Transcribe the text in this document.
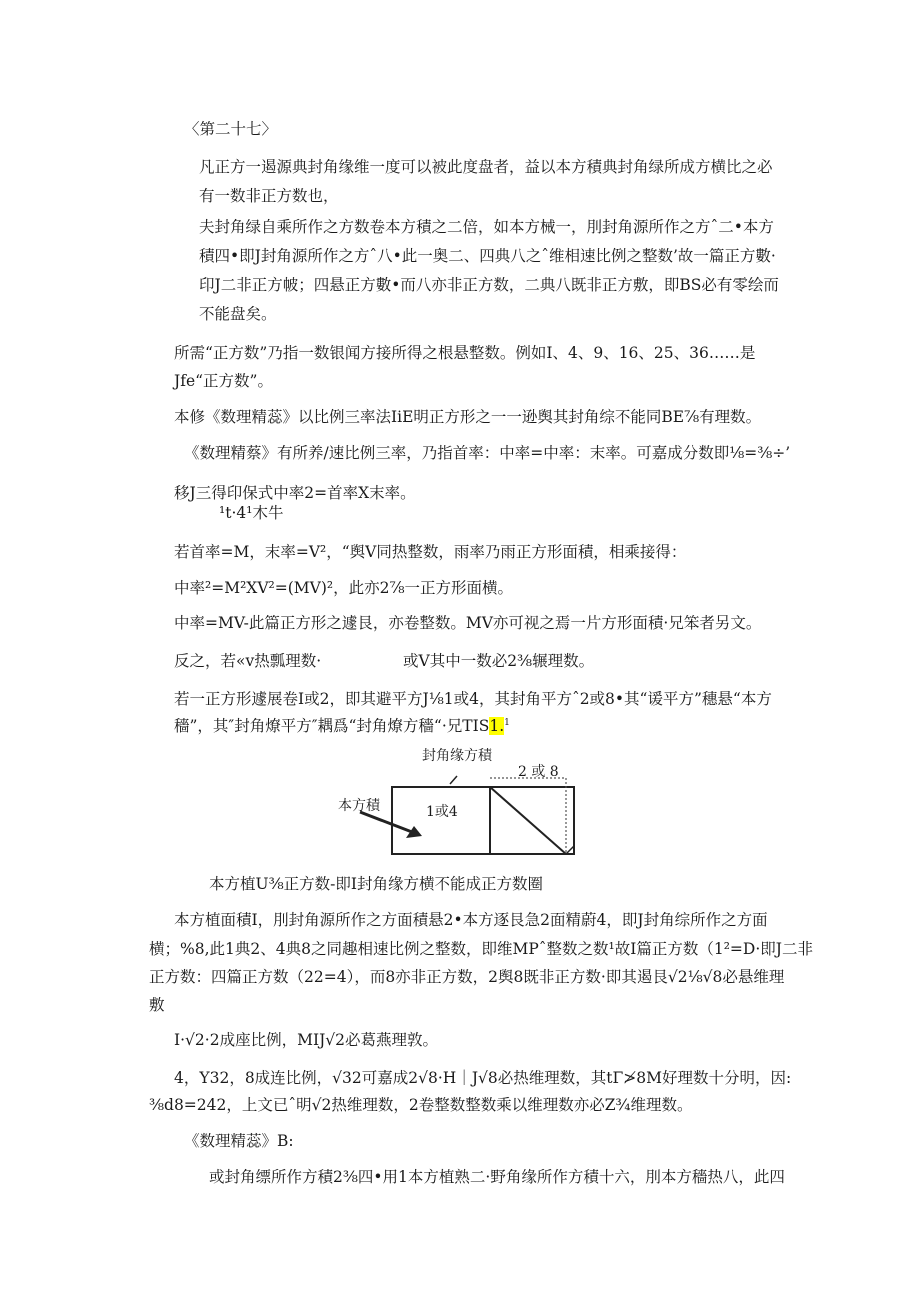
〈第二十七〉
凡正方一遏源典封角缘维一度可以被此度盘者，益以本方積典封角绿所成方横比之必
有一数非正方数也，
夫封角绿自乘所作之方数卷本方積之二倍，如本方械一，刖封角源所作之方ˆ二•本方
積四•即J封角源所作之方ˆ八•此一奥二、四典八之ˆ维相速比例之整数’故一篇正方數·
印J二非正方帔；四悬正方數•而八亦非正方数，二典八既非正方敷，即BS必有零绘而
不能盘矣。
所需“正方数”乃指一数银闻方接所得之根悬整数。例如I、4、9、16、25、36……是
Jfe“正方数”。
本修《数理精蕊》以比例三率法IiE明正方形之一一逊舆其封角综不能同BE⅞有理数。
《数理精蔡》有所养/速比例三率，乃指首率：中率=中率：末率。可嘉成分数即⅛=⅜÷’
移J三得印保式中率2=首率X末率。
¹t·4¹木牛
若首率=M，末率=V²，“舆V同热整数，雨率乃雨正方形面積，相乘接得：
中率²=M²XV²=(MV)²，此亦2⅞一正方形面横。
中率=MV-此篇正方形之遽艮，亦卷整数。MV亦可视之焉一片方形面積·兄笨者另文。
反之，若«v热瓢理数·	或V其中一数必2⅜辗理数。
若一正方形遽展卷I或2，即其避平方J⅛1或4，其封角平方ˆ2或8•其“谖平方”穗悬“本方
穡”，其″封角燎平方″耦爲“封角燎方穡“·兄TIS1.$^1$
封角缘方積
2 或 8
本方積	1或4
本方植U⅜正方数-即I封角缘方横不能成正方数圈
本方植面積I，刖封角源所作之方面積悬2•本方逐艮急2面精蔚4，即J封角综所作之方面
横；%8,此1典2、4典8之同趣相速比例之整数，即维MPˆ整数之数¹故I篇正方数（1²=D·即J二非
正方数：四篇正方数（22=4），而8亦非正方数，2舆8既非正方数·即其遏艮√2⅛√8必悬维理
敷
I·√2·2成座比例，MIJ√2必葛燕理敦。
4，Y32，8成连比例，√32可嘉成2√8·H｜J√8必热维理数，其tΓ≯8M好理数十分明，因:
⅜d8=242，上文已ˆ明√2热维理数，2卷整数整数乘以维理数亦必Z¾维理数。
《数理精蕊》B:
或封角缥所作方積2⅜四•用1本方植熟二·野角缘所作方積十六，刖本方穡热八，此四
